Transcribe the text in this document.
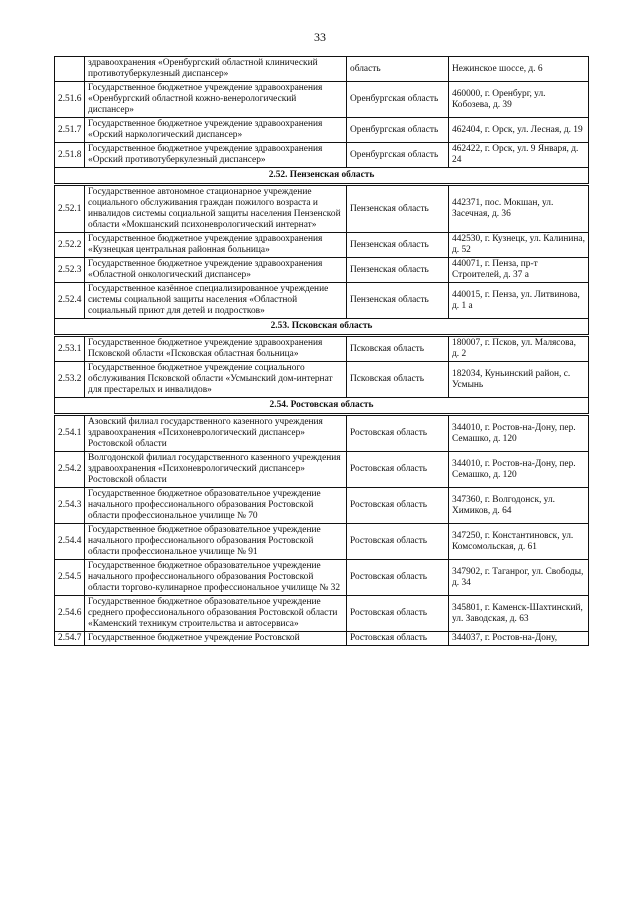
33
	здравоохранения «Оренбургский областной клинический противотуберкулезный диспансер»	область	Нежинское шоссе, д. 6
2.51.6	Государственное бюджетное учреждение здравоохранения «Оренбургский областной кожно-венерологический диспансер»	Оренбургская область	460000, г. Оренбург, ул. Кобозева, д. 39
2.51.7	Государственное бюджетное учреждение здравоохранения «Орский наркологический диспансер»	Оренбургская область	462404, г. Орск, ул. Лесная, д. 19
2.51.8	Государственное бюджетное учреждение здравоохранения «Орский противотуберкулезный диспансер»	Оренбургская область	462422, г. Орск, ул. 9 Января, д. 24
2.52. Пензенская область			
2.52.1	Государственное автономное стационарное учреждение социального обслуживания граждан пожилого возраста и инвалидов системы социальной защиты населения Пензенской области «Мокшанский психоневрологический интернат»	Пензенская область	442371, пос. Мокшан, ул. Засечная, д. 36
2.52.2	Государственное бюджетное учреждение здравоохранения «Кузнецкая центральная районная больница»	Пензенская область	442530, г. Кузнецк, ул. Калинина, д. 52
2.52.3	Государственное бюджетное учреждение здравоохранения «Областной онкологический диспансер»	Пензенская область	440071, г. Пенза, пр-т Строителей, д. 37 а
2.52.4	Государственное казённое специализированное учреждение системы социальной защиты населения «Областной социальный приют для детей и подростков»	Пензенская область	440015, г. Пенза, ул. Литвинова, д. 1 а
2.53. Псковская область			
2.53.1	Государственное бюджетное учреждение здравоохранения Псковской области «Псковская областная больница»	Псковская область	180007, г. Псков, ул. Малясова, д. 2
2.53.2	Государственное бюджетное учреждение социального обслуживания Псковской области «Усмынский дом-интернат для престарелых и инвалидов»	Псковская область	182034, Куньинский район, с. Усмынь
2.54. Ростовская область			
2.54.1	Азовский филиал государственного казенного учреждения здравоохранения «Психоневрологический диспансер» Ростовской области	Ростовская область	344010, г. Ростов-на-Дону, пер. Семашко, д. 120
2.54.2	Волгодонской филиал государственного казенного учреждения здравоохранения «Психоневрологический диспансер» Ростовской области	Ростовская область	344010, г. Ростов-на-Дону, пер. Семашко, д. 120
2.54.3	Государственное бюджетное образовательное учреждение начального профессионального образования Ростовской области профессиональное училище № 70	Ростовская область	347360, г. Волгодонск, ул. Химиков, д. 64
2.54.4	Государственное бюджетное образовательное учреждение начального профессионального образования Ростовской области профессиональное училище № 91	Ростовская область	347250, г. Константиновск, ул. Комсомольская, д. 61
2.54.5	Государственное бюджетное образовательное учреждение начального профессионального образования Ростовской области торгово-кулинарное профессиональное училище № 32	Ростовская область	347902, г. Таганрог, ул. Свободы, д. 34
2.54.6	Государственное бюджетное образовательное учреждение среднего профессионального образования Ростовской области «Каменский техникум строительства и автосервиса»	Ростовская область	345801, г. Каменск-Шахтинский, ул. Заводская, д. 63
2.54.7	Государственное бюджетное учреждение Ростовской	Ростовская область	344037, г. Ростов-на-Дону,
